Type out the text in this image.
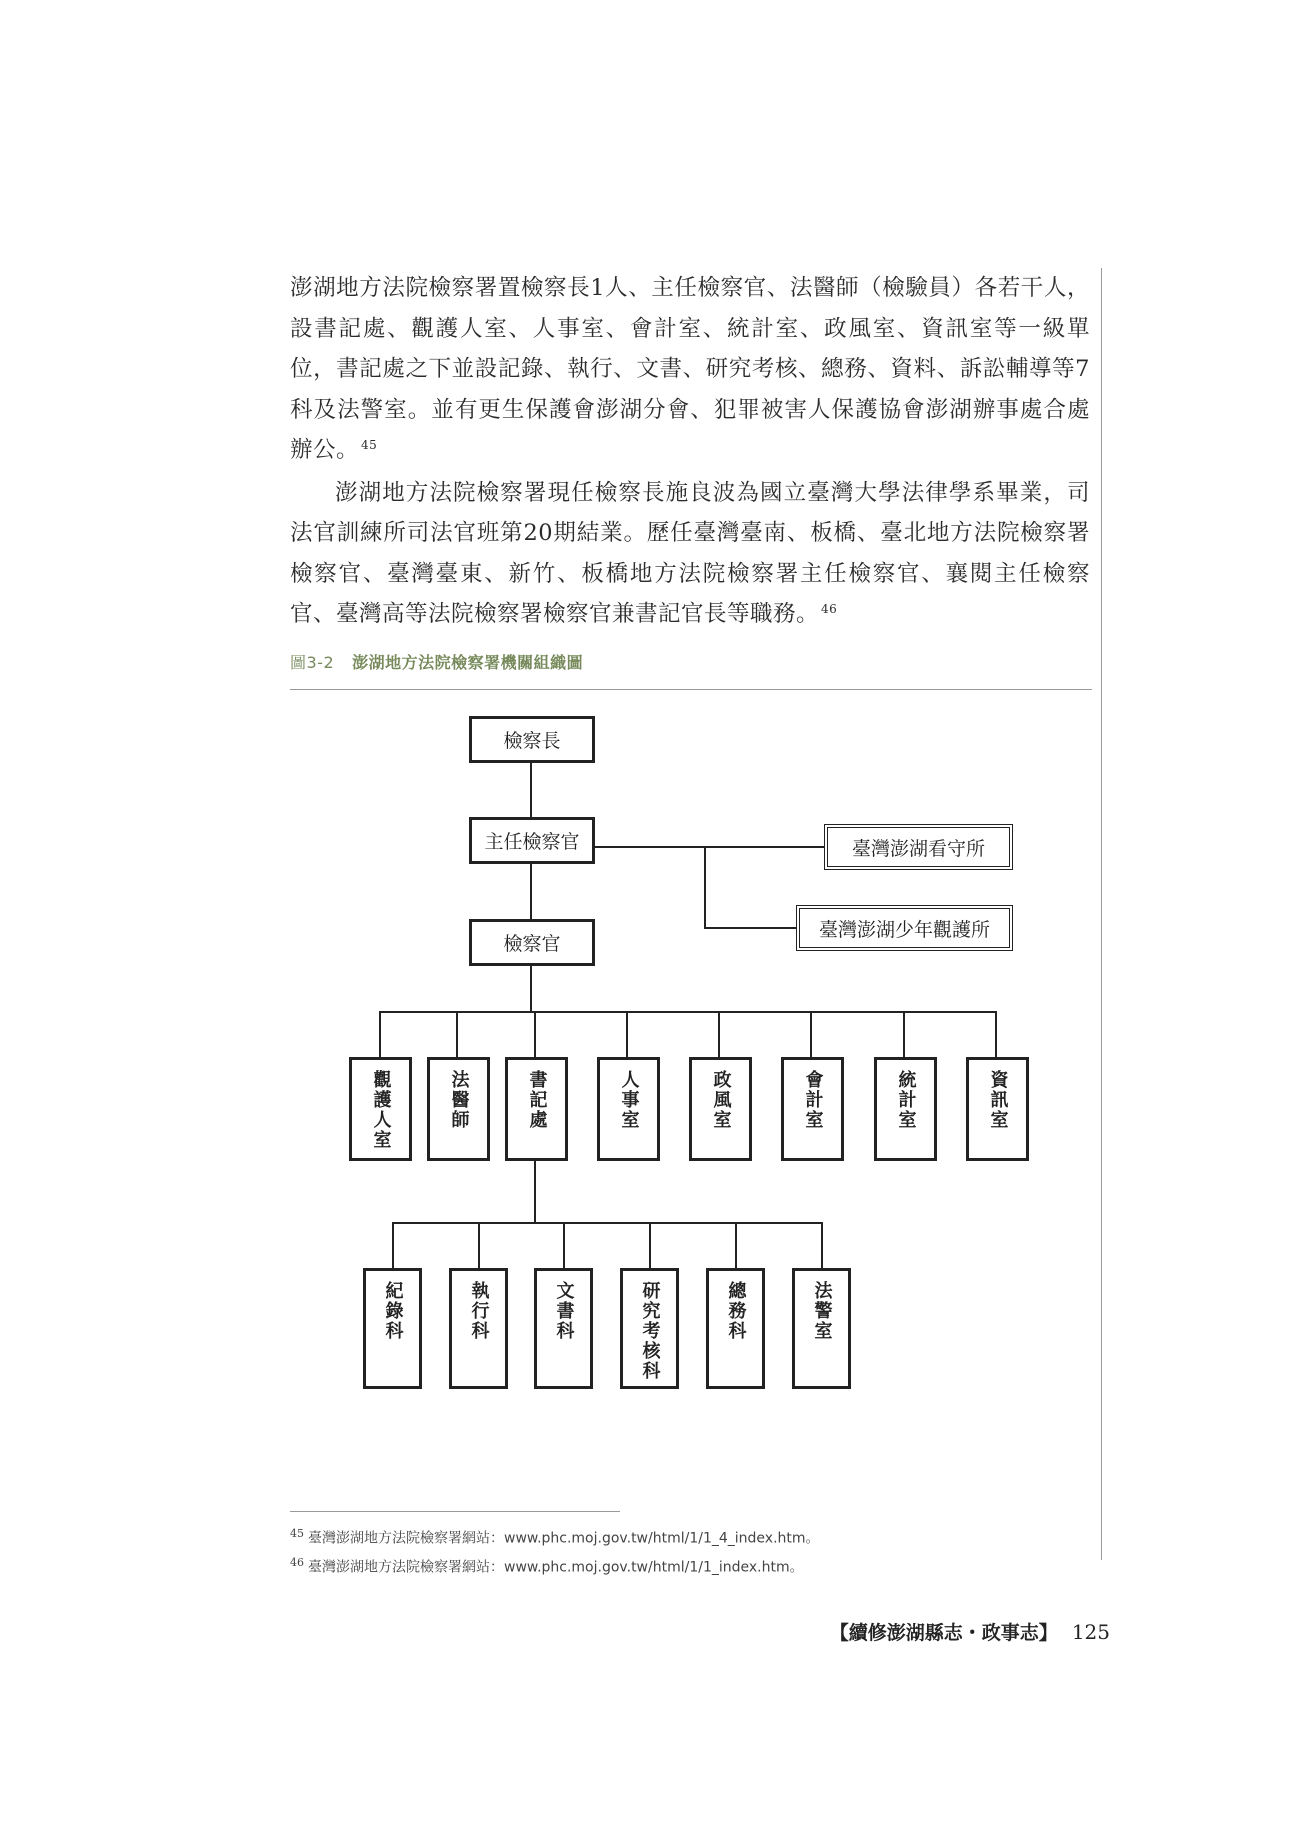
澎湖地方法院檢察署置檢察長1人、主任檢察官、法醫師（檢驗員）各若干人，設書記處、觀護人室、人事室、會計室、統計室、政風室、資訊室等一級單位，書記處之下並設記錄、執行、文書、研究考核、總務、資料、訴訟輔導等7科及法警室。並有更生保護會澎湖分會、犯罪被害人保護協會澎湖辦事處合處辦公。 $^{45}$

澎湖地方法院檢察署現任檢察長施良波為國立臺灣大學法律學系畢業，司法官訓練所司法官班第20期結業。歷任臺灣臺南、板橋、臺北地方法院檢察署檢察官、臺灣臺東、新竹、板橋地方法院檢察署主任檢察官、襄閱主任檢察官、臺灣高等法院檢察署檢察官兼書記官長等職務。 $^{46}$

圖3-2 澎湖地方法院檢察署機關組織圖
檢察長
主任檢察官	臺灣澎湖看守所
臺灣澎湖少年觀護所
檢察官
觀護人室	法醫師	書記處	人事室	政風室	會計室	統計室	資訊室
紀錄科	執行科	文書科	研究考核科	總務科	法警室
$^{45}$ 臺灣澎湖地方法院檢察署網站：www.phc.moj.gov.tw/html/1/1_4_index.htm。
$^{46}$ 臺灣澎湖地方法院檢察署網站：www.phc.moj.gov.tw/html/1/1_index.htm。
【續修澎湖縣志・政事志】 125
